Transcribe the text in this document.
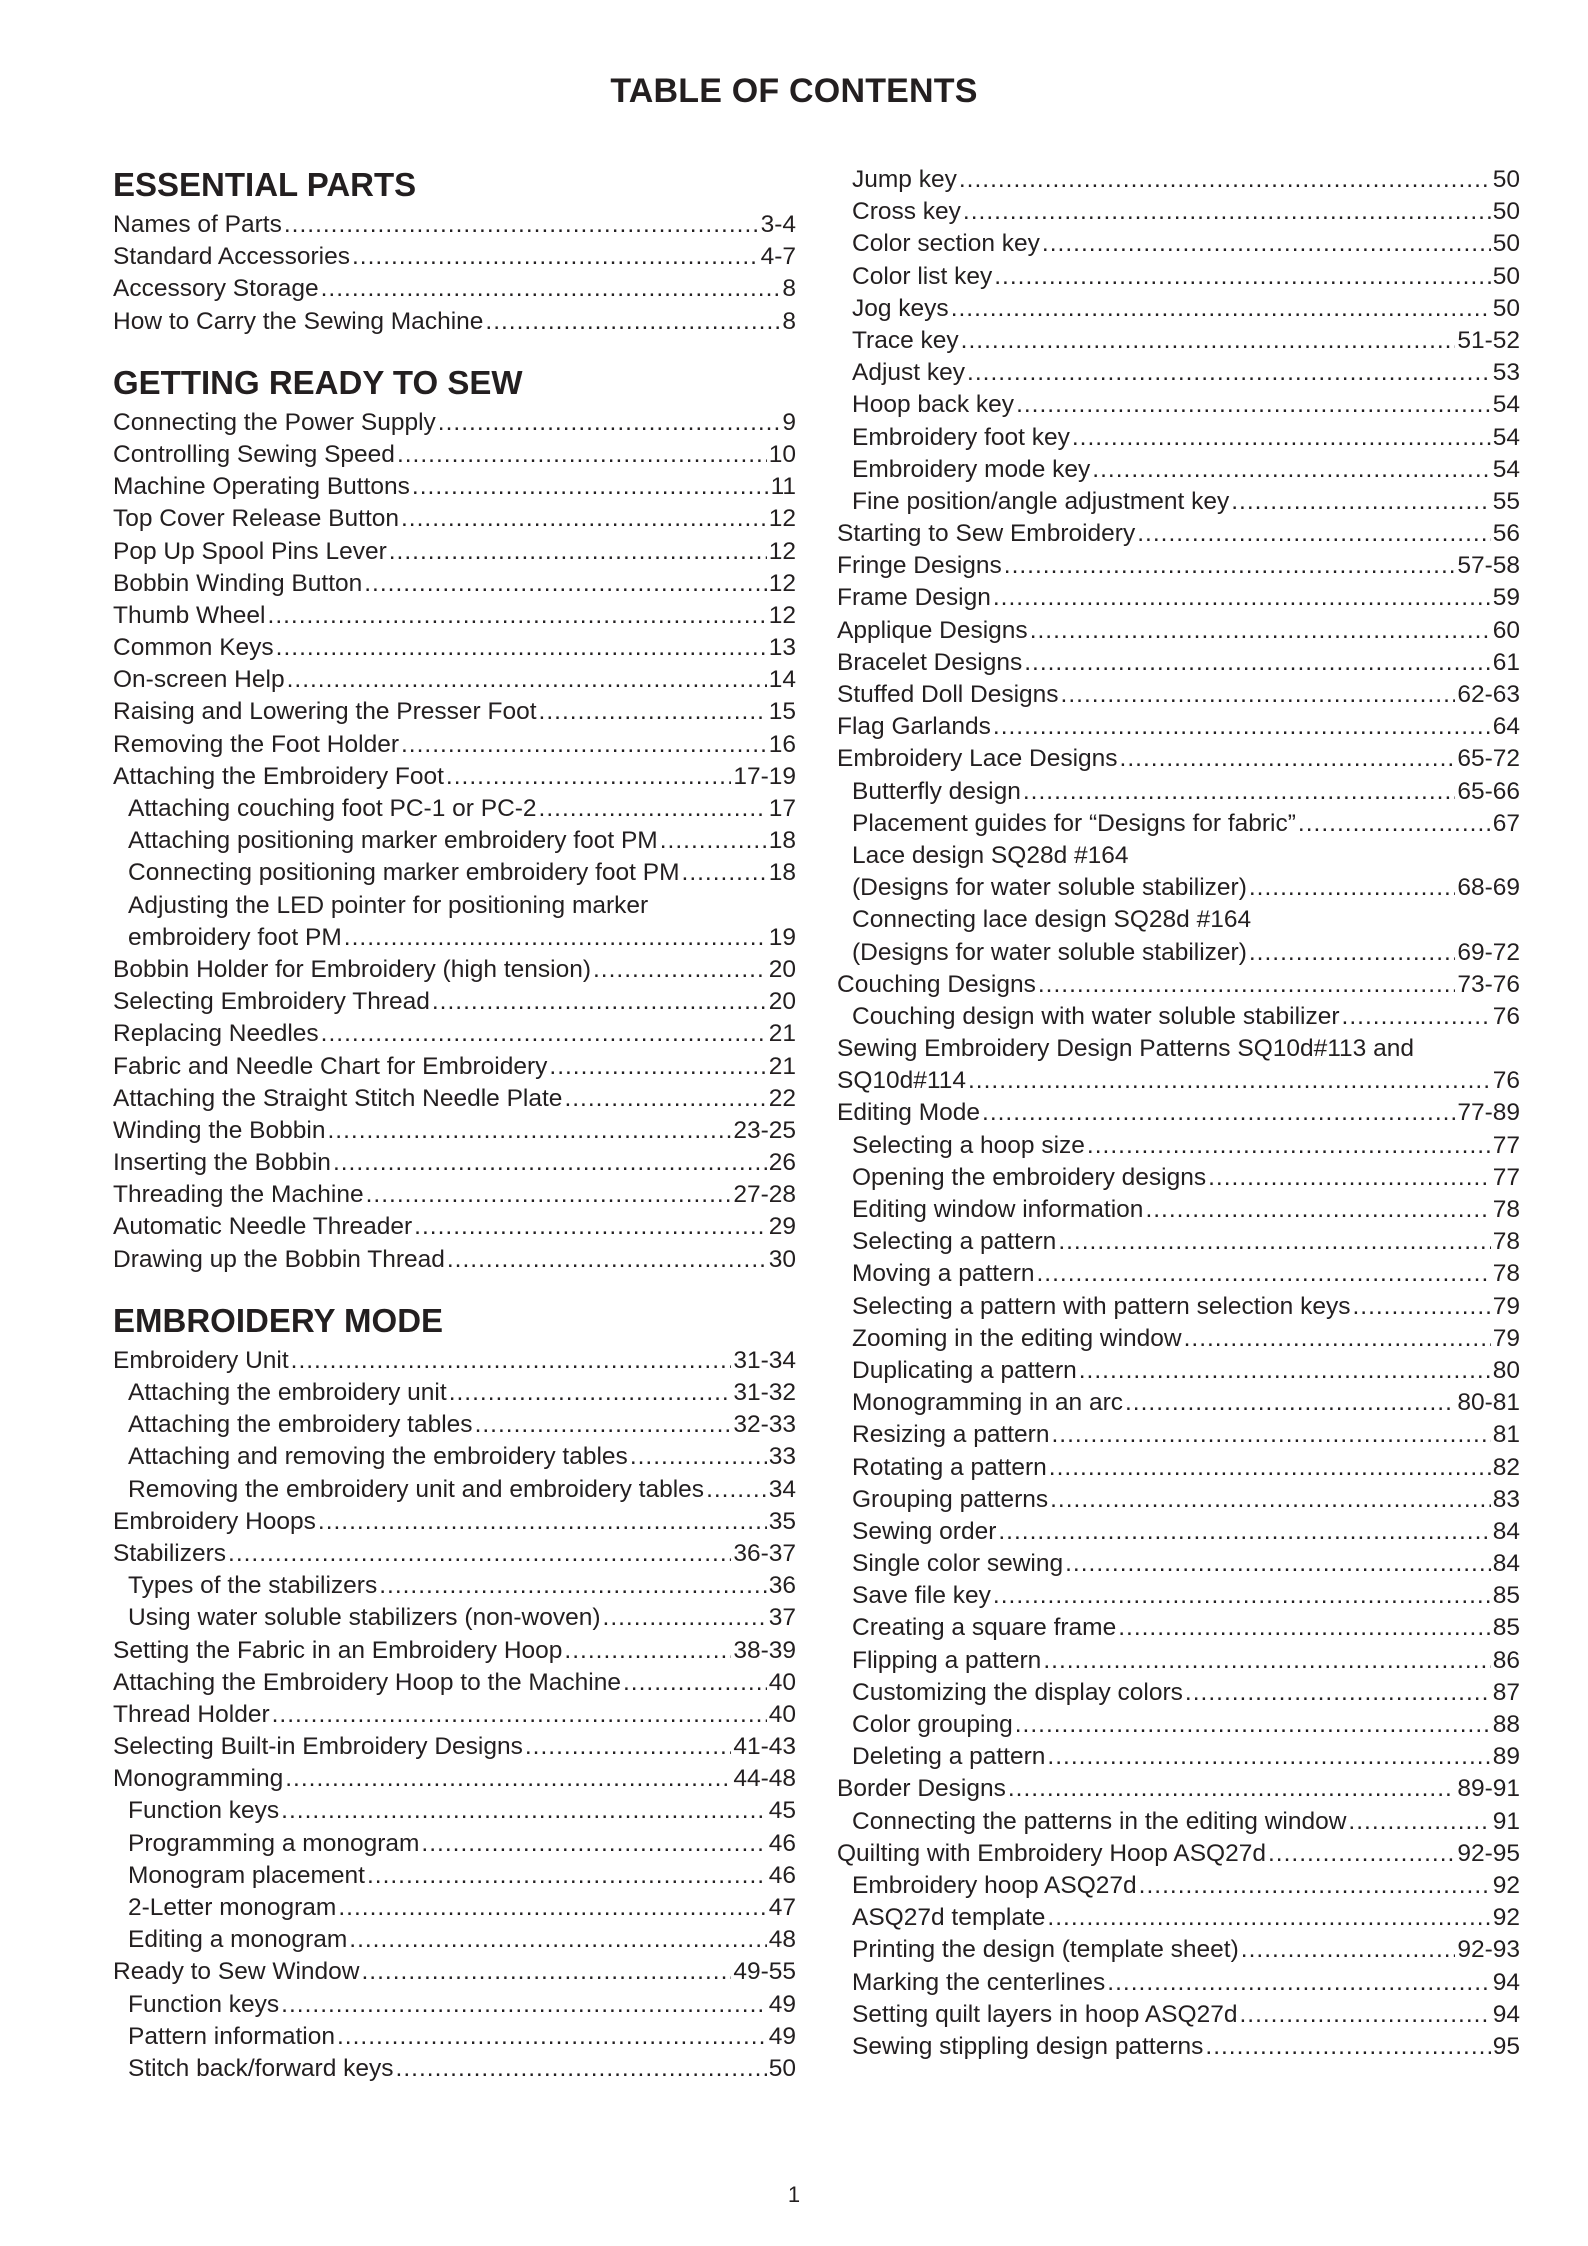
TABLE OF CONTENTS
ESSENTIAL PARTS
Names of Parts .....	3-4
Standard Accessories .....	4-7
Accessory Storage .....	8
How to Carry the Sewing Machine .....	8
GETTING READY TO SEW
Connecting the Power Supply .....	9
Controlling Sewing Speed .....	10
Machine Operating Buttons .....	11
Top Cover Release Button .....	12
Pop Up Spool Pins Lever .....	12
Bobbin Winding Button .....	12
Thumb Wheel .....	12
Common Keys .....	13
On-screen Help .....	14
Raising and Lowering the Presser Foot .....	15
Removing the Foot Holder .....	16
Attaching the Embroidery Foot .....	17-19
Attaching couching foot PC-1 or PC-2 .....	17
Attaching positioning marker embroidery foot PM .....	18
Connecting positioning marker embroidery foot PM .....	18
Adjusting the LED pointer for positioning marker
embroidery foot PM .....	19
Bobbin Holder for Embroidery (high tension) .....	20
Selecting Embroidery Thread .....	20
Replacing Needles .....	21
Fabric and Needle Chart for Embroidery .....	21
Attaching the Straight Stitch Needle Plate .....	22
Winding the Bobbin .....	23-25
Inserting the Bobbin .....	26
Threading the Machine .....	27-28
Automatic Needle Threader .....	29
Drawing up the Bobbin Thread .....	30
EMBROIDERY MODE
Embroidery Unit .....	31-34
Attaching the embroidery unit .....	31-32
Attaching the embroidery tables .....	32-33
Attaching and removing the embroidery tables .....	33
Removing the embroidery unit and embroidery tables .....	34
Embroidery Hoops .....	35
Stabilizers .....	36-37
Types of the stabilizers .....	36
Using water soluble stabilizers (non-woven) .....	37
Setting the Fabric in an Embroidery Hoop .....	38-39
Attaching the Embroidery Hoop to the Machine .....	40
Thread Holder .....	40
Selecting Built-in Embroidery Designs .....	41-43
Monogramming .....	44-48
Function keys .....	45
Programming a monogram .....	46
Monogram placement .....	46
2-Letter monogram .....	47
Editing a monogram .....	48
Ready to Sew Window .....	49-55
Function keys .....	49
Pattern information .....	49
Stitch back/forward keys .....	50
Jump key .....	50
Cross key .....	50
Color section key .....	50
Color list key .....	50
Jog keys .....	50
Trace key .....	51-52
Adjust key .....	53
Hoop back key .....	54
Embroidery foot key .....	54
Embroidery mode key .....	54
Fine position/angle adjustment key .....	55
Starting to Sew Embroidery .....	56
Fringe Designs .....	57-58
Frame Design .....	59
Applique Designs .....	60
Bracelet Designs .....	61
Stuffed Doll Designs .....	62-63
Flag Garlands .....	64
Embroidery Lace Designs .....	65-72
Butterfly design .....	65-66
Placement guides for “Designs for fabric” .....	67
Lace design SQ28d #164
(Designs for water soluble stabilizer) .....	68-69
Connecting lace design SQ28d #164
(Designs for water soluble stabilizer) .....	69-72
Couching Designs .....	73-76
Couching design with water soluble stabilizer .....	76
Sewing Embroidery Design Patterns SQ10d#113 and
SQ10d#114 .....	76
Editing Mode .....	77-89
Selecting a hoop size .....	77
Opening the embroidery designs .....	77
Editing window information .....	78
Selecting a pattern .....	78
Moving a pattern .....	78
Selecting a pattern with pattern selection keys .....	79
Zooming in the editing window .....	79
Duplicating a pattern .....	80
Monogramming in an arc .....	80-81
Resizing a pattern .....	81
Rotating a pattern .....	82
Grouping patterns .....	83
Sewing order .....	84
Single color sewing .....	84
Save file key .....	85
Creating a square frame .....	85
Flipping a pattern .....	86
Customizing the display colors .....	87
Color grouping .....	88
Deleting a pattern .....	89
Border Designs .....	89-91
Connecting the patterns in the editing window .....	91
Quilting with Embroidery Hoop ASQ27d .....	92-95
Embroidery hoop ASQ27d .....	92
ASQ27d template .....	92
Printing the design (template sheet) .....	92-93
Marking the centerlines .....	94
Setting quilt layers in hoop ASQ27d .....	94
Sewing stippling design patterns .....	95
1
